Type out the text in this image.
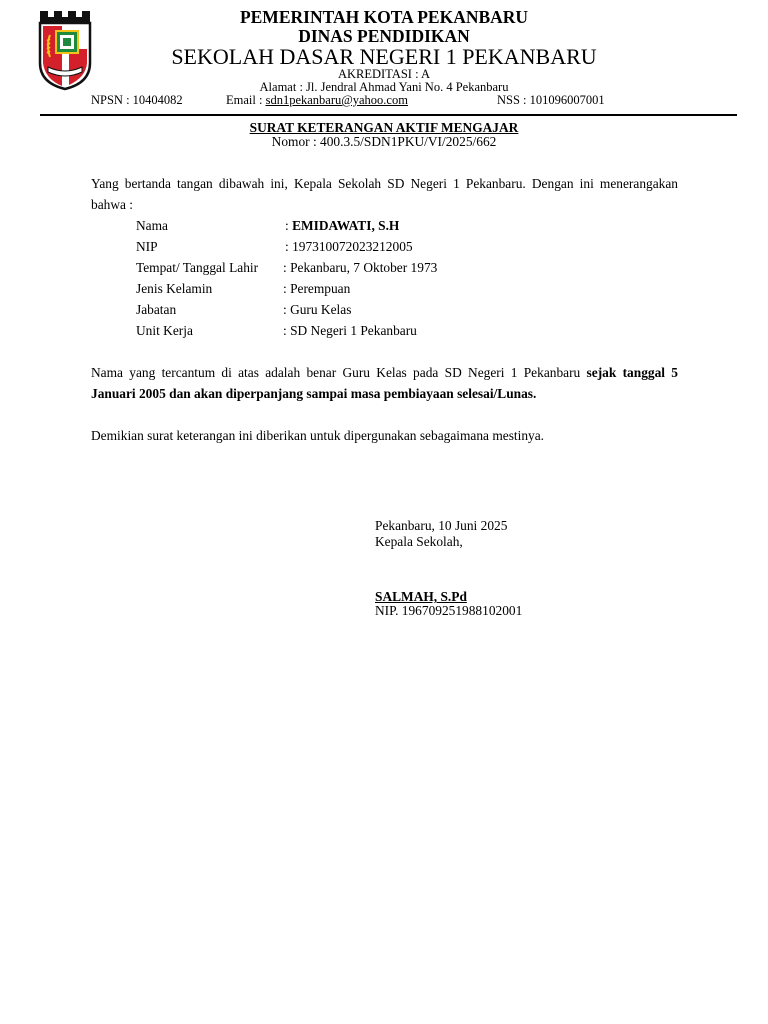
PEMERINTAH KOTA PEKANBARU
DINAS PENDIDIKAN
SEKOLAH DASAR NEGERI 1 PEKANBARU
AKREDITASI : A
Alamat : Jl. Jendral Ahmad Yani No. 4 Pekanbaru
NPSN : 10404082	Email : sdn1pekanbaru@yahoo.com	NSS : 101096007001
SURAT KETERANGAN AKTIF MENGAJAR
Nomor : 400.3.5/SDN1PKU/VI/2025/662
Yang bertanda tangan dibawah ini, Kepala Sekolah SD Negeri 1 Pekanbaru. Dengan ini menerangakan bahwa :
Nama	: EMIDAWATI, S.H
NIP	: 197310072023212005
Tempat/ Tanggal Lahir : Pekanbaru, 7 Oktober 1973
Jenis Kelamin	: Perempuan
Jabatan	: Guru Kelas
Unit Kerja	: SD Negeri 1 Pekanbaru
Nama yang tercantum di atas adalah benar Guru Kelas pada SD Negeri 1 Pekanbaru sejak tanggal 5 Januari 2005 dan akan diperpanjang sampai masa pembiayaan selesai/Lunas.
Demikian surat keterangan ini diberikan untuk dipergunakan sebagaimana mestinya.
Pekanbaru, 10 Juni 2025
Kepala Sekolah,
SALMAH, S.Pd
NIP. 196709251988102001
